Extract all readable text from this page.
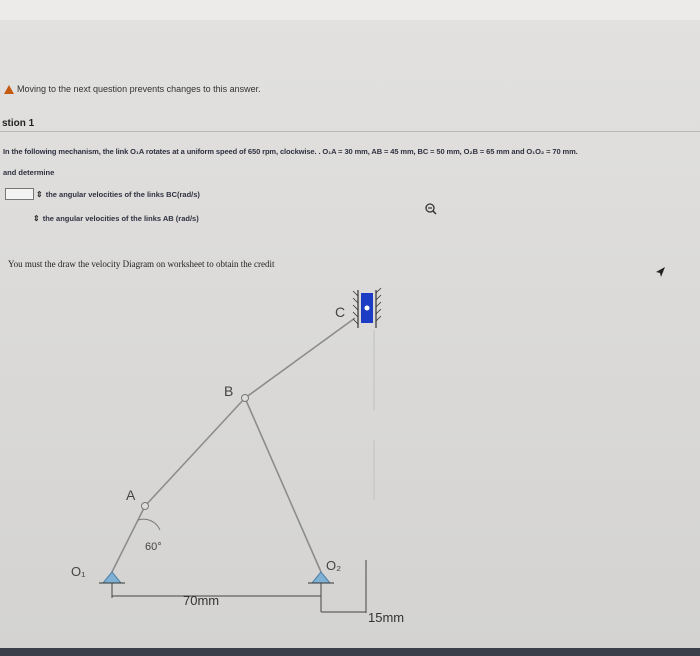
Moving to the next question prevents changes to this answer.
stion 1
In the following mechanism, the link O₁A rotates at a uniform speed of 650 rpm, clockwise. . O₁A = 30 mm, AB = 45 mm, BC = 50 mm, O₂B = 65 mm and O₁O₂ = 70 mm.
and determine
⇕ the angular velocities of the links BC(rad/s)
⇕ the angular velocities of the links AB (rad/s)
You must the draw the velocity Diagram on worksheet to obtain the credit
C
B
A
60°
O₁	O₂
70mm
15mm
